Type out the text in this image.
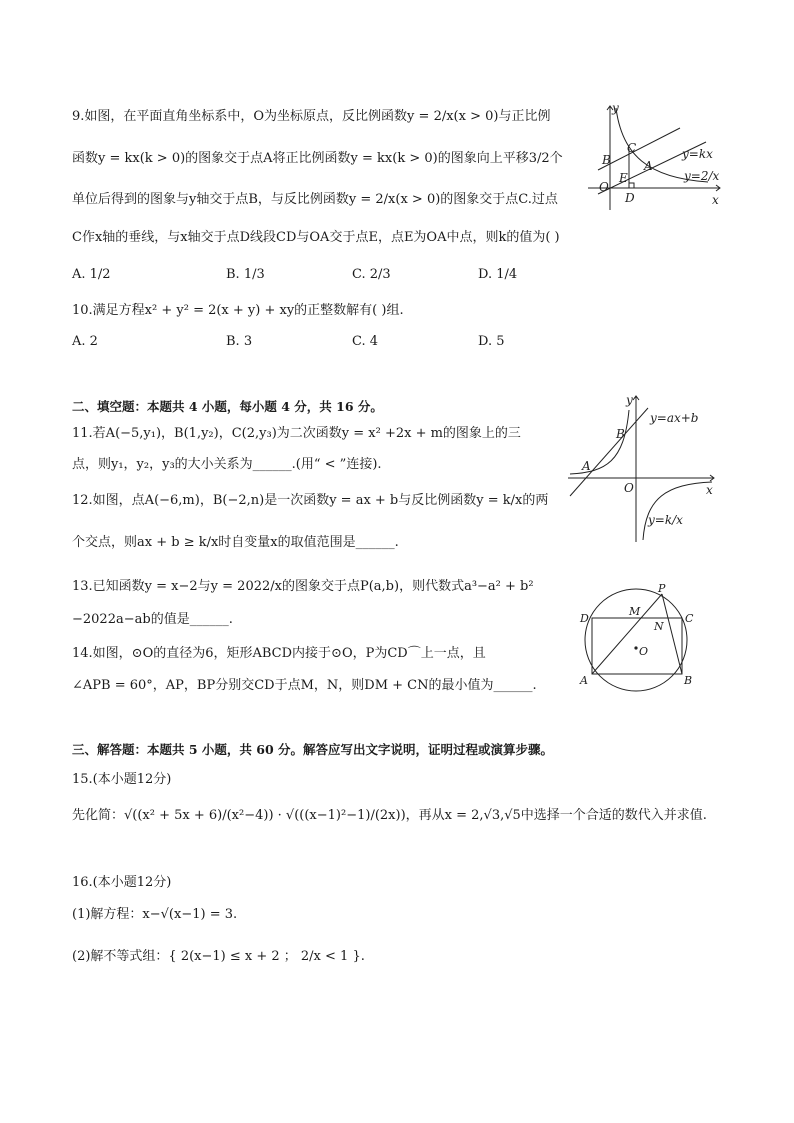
9.如图，在平面直角坐标系中，O为坐标原点，反比例函数y = 2/x(x > 0)与正比例
函数y = kx(k > 0)的图象交于点A将正比例函数y = kx(k > 0)的图象向上平移3/2个
单位后得到的图象与y轴交于点B，与反比例函数y = 2/x(x > 0)的图象交于点C.过点
C作x轴的垂线，与x轴交于点D线段CD与OA交于点E，点E为OA中点，则k的值为( )
A. 1/2	B. 1/3	C. 2/3	D. 1/4
y
x
O
B
C
A
E
D
y=kx
y=2/x
10.满足方程x² + y² = 2(x + y) + xy的正整数解有( )组.
A. 2	B. 3	C. 4	D. 5
二、填空题：本题共 4 小题，每小题 4 分，共 16 分。	y
x
O
A
B
y=ax+b
y=k/x
11.若A(−5,y₁)，B(1,y₂)，C(2,y₃)为二次函数y = x² +2x + m的图象上的三
点，则y₁，y₂，y₃的大小关系为______.(用“ < ”连接).
12.如图，点A(−6,m)，B(−2,n)是一次函数y = ax + b与反比例函数y = k/x的两
个交点，则ax + b ≥ k/x时自变量x的取值范围是______.
13.已知函数y = x−2与y = 2022/x的图象交于点P(a,b)，则代数式a³−a² + b²
−2022a−ab的值是______.
14.如图，⊙O的直径为6，矩形ABCD内接于⊙O，P为CD⌒上一点，且
∠APB = 60°，AP，BP分别交CD于点M，N，则DM + CN的最小值为______.
P
M
C
D
N
O
A	B
三、解答题：本题共 5 小题，共 60 分。解答应写出文字说明，证明过程或演算步骤。
15.(本小题12分)
先化简：√((x² + 5x + 6)/(x²−4)) · √(((x−1)²−1)/(2x))，再从x = 2,√3,√5中选择一个合适的数代入并求值.
16.(本小题12分)
(1)解方程：x−√(x−1) = 3.
(2)解不等式组：{ 2(x−1) ≤ x + 2 ； 2/x < 1 }.
